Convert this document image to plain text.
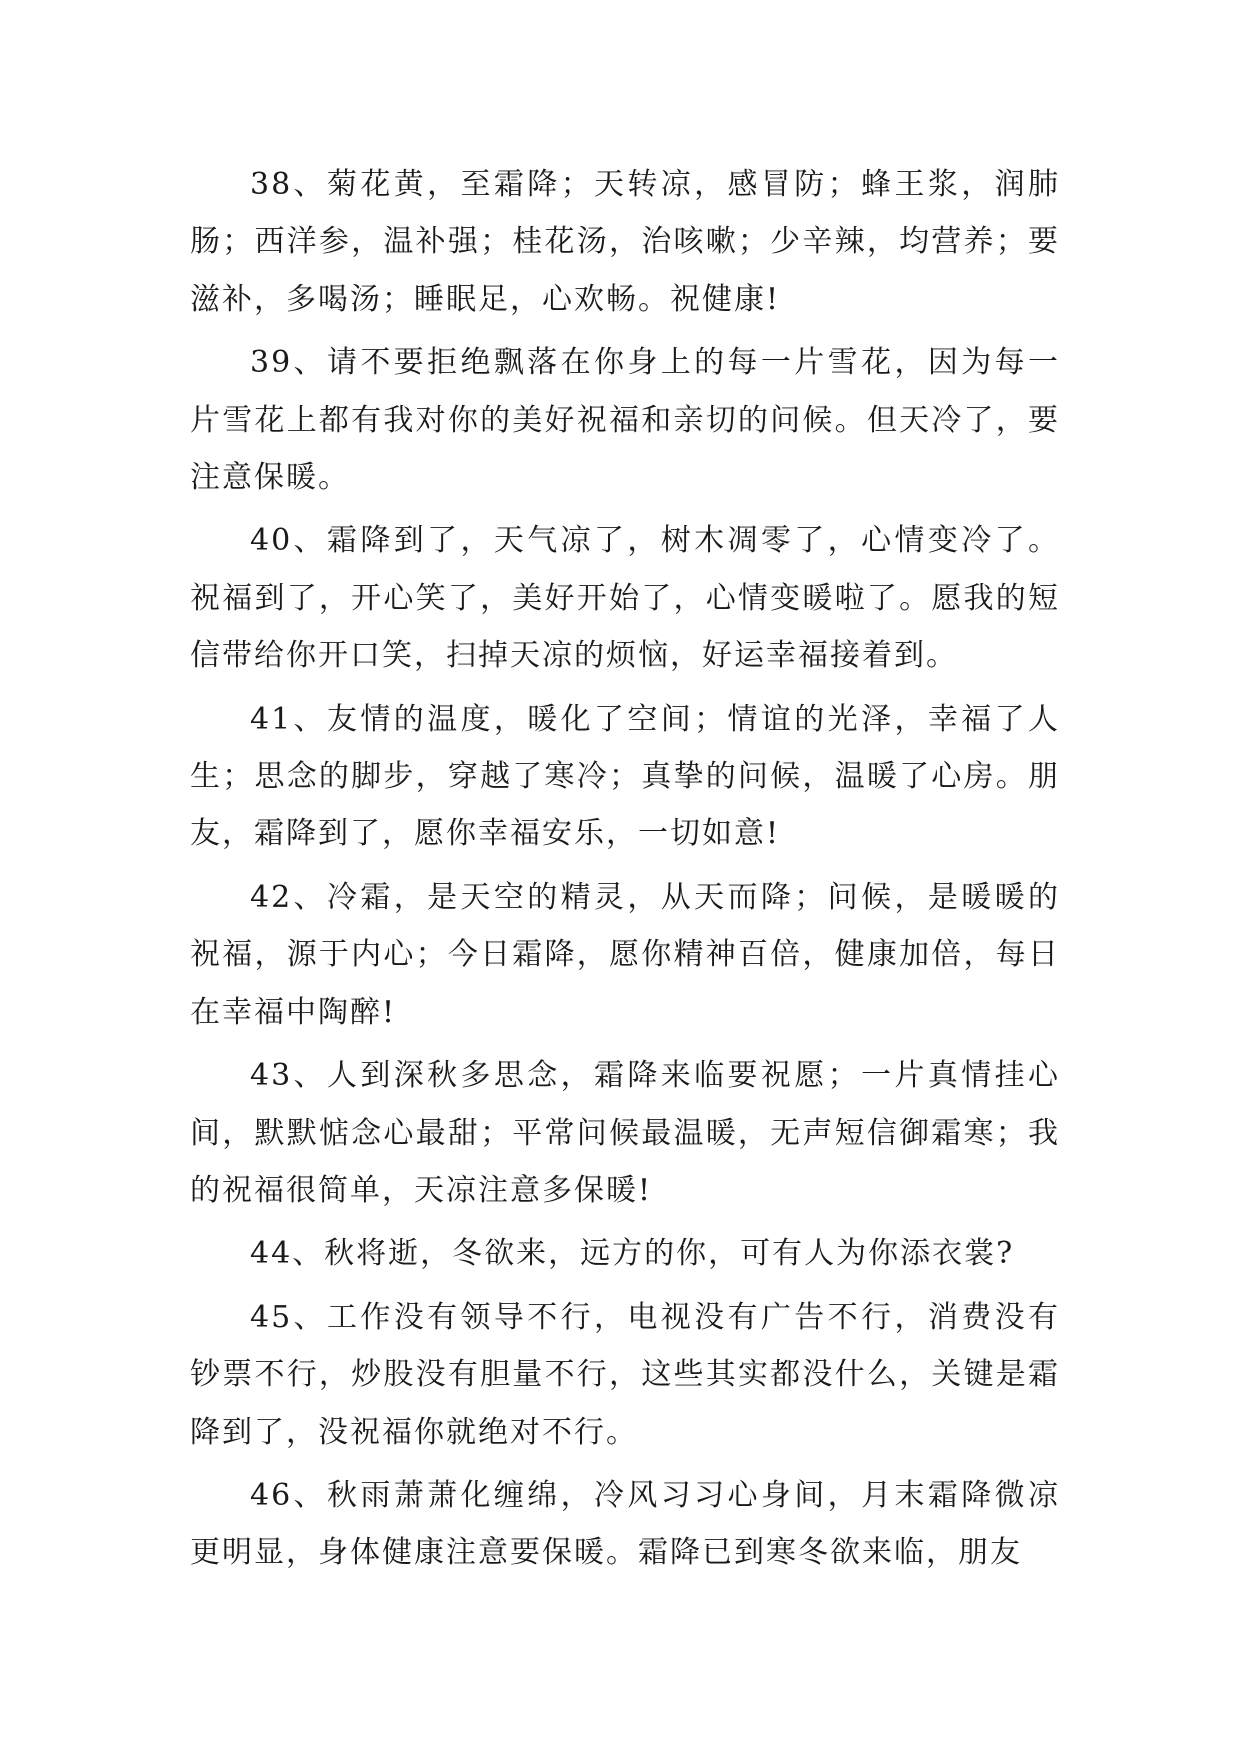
38、菊花黄，至霜降；天转凉，感冒防；蜂王浆，润肺肠；西洋参，温补强；桂花汤，治咳嗽；少辛辣，均营养；要滋补，多喝汤；睡眠足，心欢畅。祝健康!

39、请不要拒绝飘落在你身上的每一片雪花，因为每一片雪花上都有我对你的美好祝福和亲切的问候。但天冷了，要注意保暖。

40、霜降到了，天气凉了，树木凋零了，心情变冷了。祝福到了，开心笑了，美好开始了，心情变暖啦了。愿我的短信带给你开口笑，扫掉天凉的烦恼，好运幸福接着到。

41、友情的温度，暖化了空间；情谊的光泽，幸福了人生；思念的脚步，穿越了寒冷；真挚的问候，温暖了心房。朋友，霜降到了，愿你幸福安乐，一切如意!

42、冷霜，是天空的精灵，从天而降；问候，是暖暖的祝福，源于内心；今日霜降，愿你精神百倍，健康加倍，每日在幸福中陶醉!

43、人到深秋多思念，霜降来临要祝愿；一片真情挂心间，默默惦念心最甜；平常问候最温暖，无声短信御霜寒；我的祝福很简单，天凉注意多保暖!

44、秋将逝，冬欲来，远方的你，可有人为你添衣裳?

45、工作没有领导不行，电视没有广告不行，消费没有钞票不行，炒股没有胆量不行，这些其实都没什么，关键是霜降到了，没祝福你就绝对不行。

46、秋雨萧萧化缠绵，冷风习习心身间，月末霜降微凉更明显，身体健康注意要保暖。霜降已到寒冬欲来临，朋友
